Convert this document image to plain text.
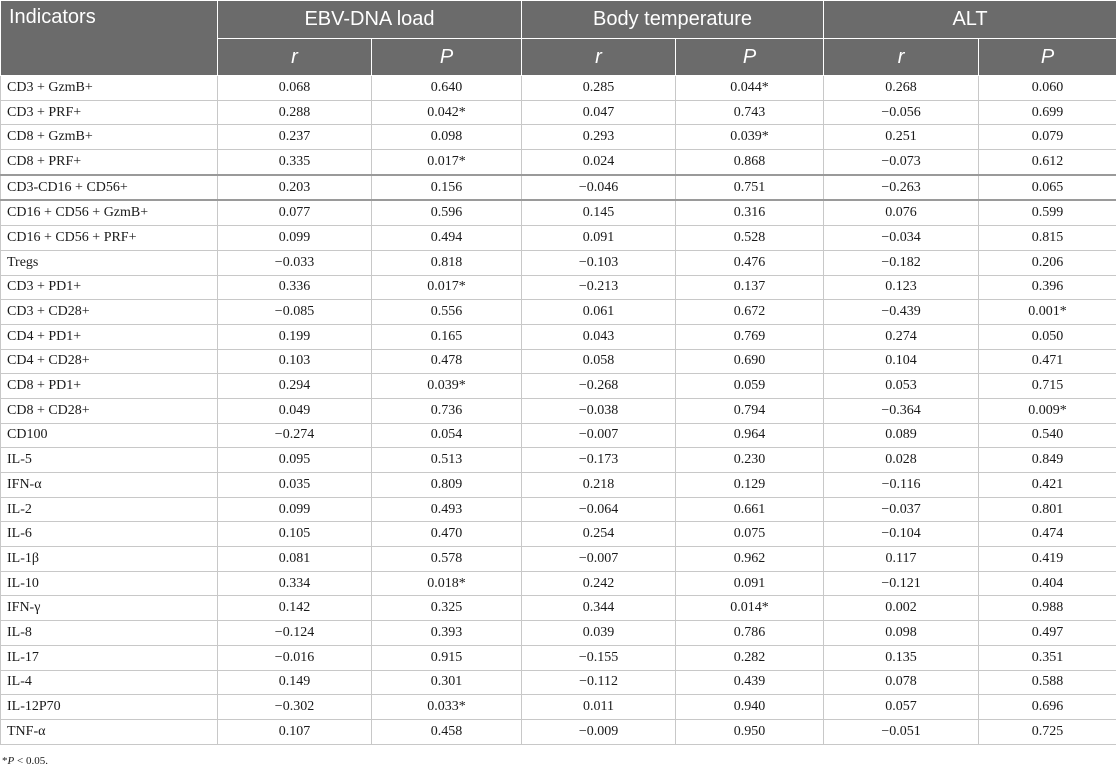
Indicators	EBV-DNA load		Body temperature		ALT	
	r	P	r	P	r	P
CD3 + GzmB+	0.068	0.640	0.285	0.044*	0.268	0.060
CD3 + PRF+	0.288	0.042*	0.047	0.743	−0.056	0.699
CD8 + GzmB+	0.237	0.098	0.293	0.039*	0.251	0.079
CD8 + PRF+	0.335	0.017*	0.024	0.868	−0.073	0.612
CD3-CD16 + CD56+	0.203	0.156	−0.046	0.751	−0.263	0.065
CD16 + CD56 + GzmB+	0.077	0.596	0.145	0.316	0.076	0.599
CD16 + CD56 + PRF+	0.099	0.494	0.091	0.528	−0.034	0.815
Tregs	−0.033	0.818	−0.103	0.476	−0.182	0.206
CD3 + PD1+	0.336	0.017*	−0.213	0.137	0.123	0.396
CD3 + CD28+	−0.085	0.556	0.061	0.672	−0.439	0.001*
CD4 + PD1+	0.199	0.165	0.043	0.769	0.274	0.050
CD4 + CD28+	0.103	0.478	0.058	0.690	0.104	0.471
CD8 + PD1+	0.294	0.039*	−0.268	0.059	0.053	0.715
CD8 + CD28+	0.049	0.736	−0.038	0.794	−0.364	0.009*
CD100	−0.274	0.054	−0.007	0.964	0.089	0.540
IL-5	0.095	0.513	−0.173	0.230	0.028	0.849
IFN-α	0.035	0.809	0.218	0.129	−0.116	0.421
IL-2	0.099	0.493	−0.064	0.661	−0.037	0.801
IL-6	0.105	0.470	0.254	0.075	−0.104	0.474
IL-1β	0.081	0.578	−0.007	0.962	0.117	0.419
IL-10	0.334	0.018*	0.242	0.091	−0.121	0.404
IFN-γ	0.142	0.325	0.344	0.014*	0.002	0.988
IL-8	−0.124	0.393	0.039	0.786	0.098	0.497
IL-17	−0.016	0.915	−0.155	0.282	0.135	0.351
IL-4	0.149	0.301	−0.112	0.439	0.078	0.588
IL-12P70	−0.302	0.033*	0.011	0.940	0.057	0.696
TNF-α	0.107	0.458	−0.009	0.950	−0.051	0.725
*P < 0.05.
